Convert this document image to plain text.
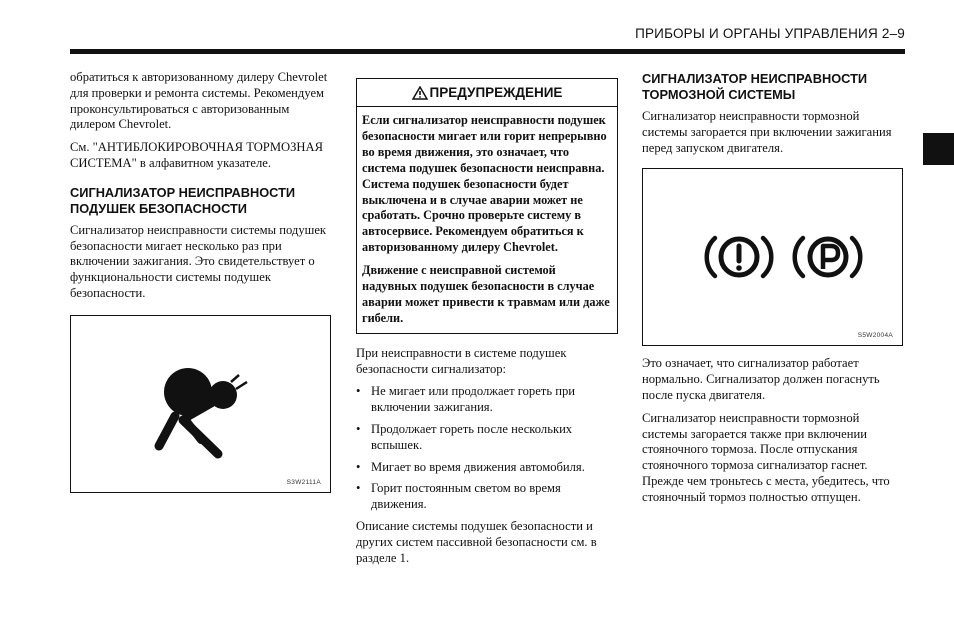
ПРИБОРЫ И ОРГАНЫ УПРАВЛЕНИЯ 2–9

обратиться к авторизованному дилеру Chevrolet для проверки и ремонта системы. Рекомендуем проконсультироваться с авторизованным дилером Chevrolet.

См. "АНТИБЛОКИРОВОЧНАЯ ТОРМОЗНАЯ СИСТЕМА" в алфавитном указателе.

СИГНАЛИЗАТОР НЕИСПРАВНОСТИ ПОДУШЕК БЕЗОПАСНОСТИ

Сигнализатор неисправности системы подушек безопасности мигает несколько раз при включении зажигания. Это свидетельствует о функциональности системы подушек безопасности.

S3W2111A
ПРЕДУПРЕЖДЕНИЕ

Если сигнализатор неисправности подушек безопасности мигает или горит непрерывно во время движения, это означает, что система подушек безопасности неисправна. Система подушек безопасности будет выключена и в случае аварии может не сработать. Срочно проверьте систему в автосервисе. Рекомендуем обратиться к авторизованному дилеру Chevrolet.

Движение с неисправной системой надувных подушек безопасности в случае аварии может привести к травмам или даже гибели.

При неисправности в системе подушек безопасности сигнализатор:

• Не мигает или продолжает гореть при включении зажигания.
• Продолжает гореть после нескольких вспышек.
• Мигает во время движения автомобиля.
• Горит постоянным светом во время движения.

Описание системы подушек безопасности и других систем пассивной безопасности см. в разделе 1.

СИГНАЛИЗАТОР НЕИСПРАВНОСТИ ТОРМОЗНОЙ СИСТЕМЫ

Сигнализатор неисправности тормозной системы загорается при включении зажигания перед запуском двигателя.

S5W2004A

Это означает, что сигнализатор работает нормально. Сигнализатор должен погаснуть после пуска двигателя.

Сигнализатор неисправности тормозной системы загорается также при включении стояночного тормоза. После отпускания стояночного тормоза сигнализатор гаснет. Прежде чем троньтесь с места, убедитесь, что стояночный тормоз полностью отпущен.
